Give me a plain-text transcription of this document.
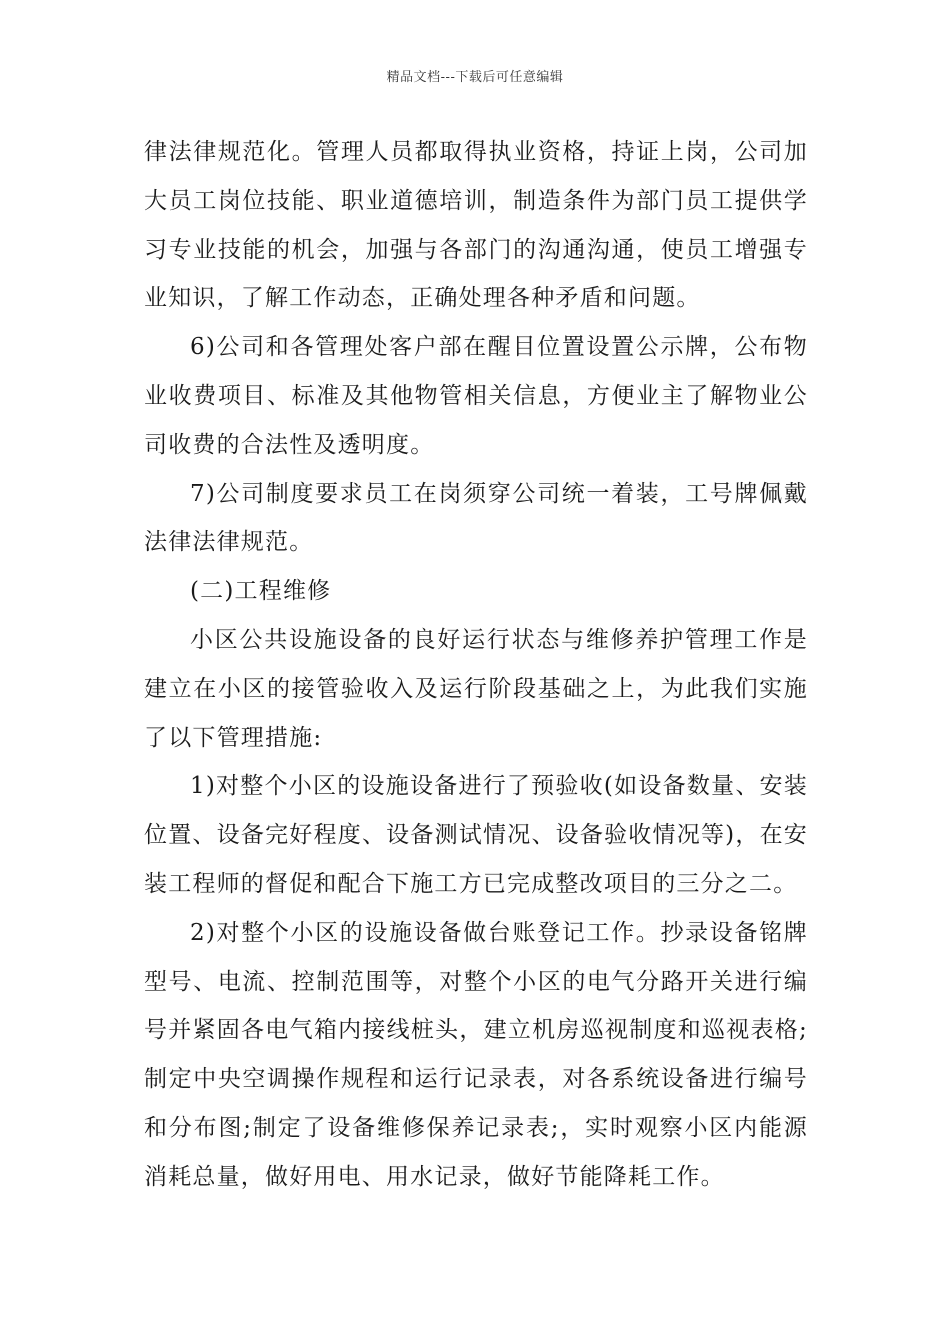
精品文档---下载后可任意编辑

律法律规范化。管理人员都取得执业资格，持证上岗，公司加大员工岗位技能、职业道德培训，制造条件为部门员工提供学习专业技能的机会，加强与各部门的沟通沟通，使员工增强专业知识，了解工作动态，正确处理各种矛盾和问题。

6)公司和各管理处客户部在醒目位置设置公示牌，公布物业收费项目、标准及其他物管相关信息，方便业主了解物业公司收费的合法性及透明度。

7)公司制度要求员工在岗须穿公司统一着装，工号牌佩戴法律法律规范。

(二)工程维修

小区公共设施设备的良好运行状态与维修养护管理工作是建立在小区的接管验收入及运行阶段基础之上，为此我们实施了以下管理措施:

1)对整个小区的设施设备进行了预验收(如设备数量、安装位置、设备完好程度、设备测试情况、设备验收情况等)，在安装工程师的督促和配合下施工方已完成整改项目的三分之二。

2)对整个小区的设施设备做台账登记工作。抄录设备铭牌型号、电流、控制范围等，对整个小区的电气分路开关进行编号并紧固各电气箱内接线桩头，建立机房巡视制度和巡视表格;制定中央空调操作规程和运行记录表，对各系统设备进行编号和分布图;制定了设备维修保养记录表;，实时观察小区内能源消耗总量，做好用电、用水记录，做好节能降耗工作。
